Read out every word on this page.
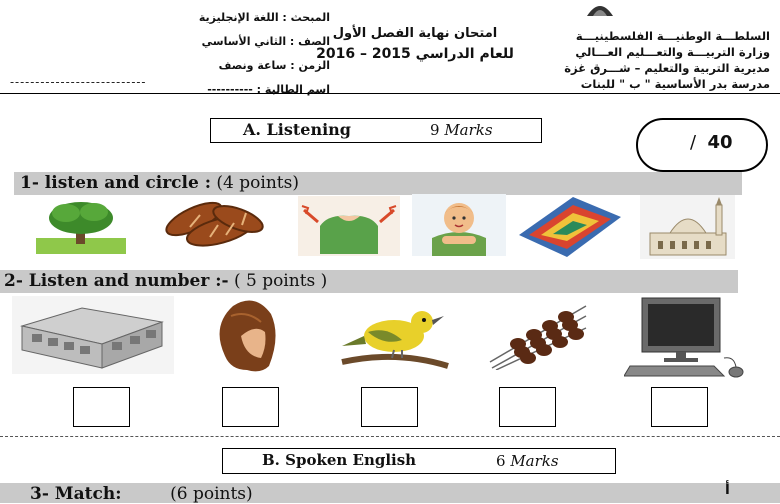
المبحث : اللغة الإنجليزية
الصف : الثاني الأساسي
الزمن : ساعة ونصف
اسم الطالبة : ----------
---------------------------
امتحان نهاية الفصل الأول
للعام الدراسي 2015 – 2016
السلطـــة الوطنيـــة الفلسطينيـــة
وزارة التربيـــة والتعـــليم العـــالي
مديرية التربية والتعليم – شـــرق غزة
مدرسة بدر الأساسية " ب " للبنات
A. Listening	9 Marks
/ 40
1- listen and circle : (4 points)
2- Listen and number :- ( 5 points )
B. Spoken English	6 Marks
3- Match:	(6 points)	أ
